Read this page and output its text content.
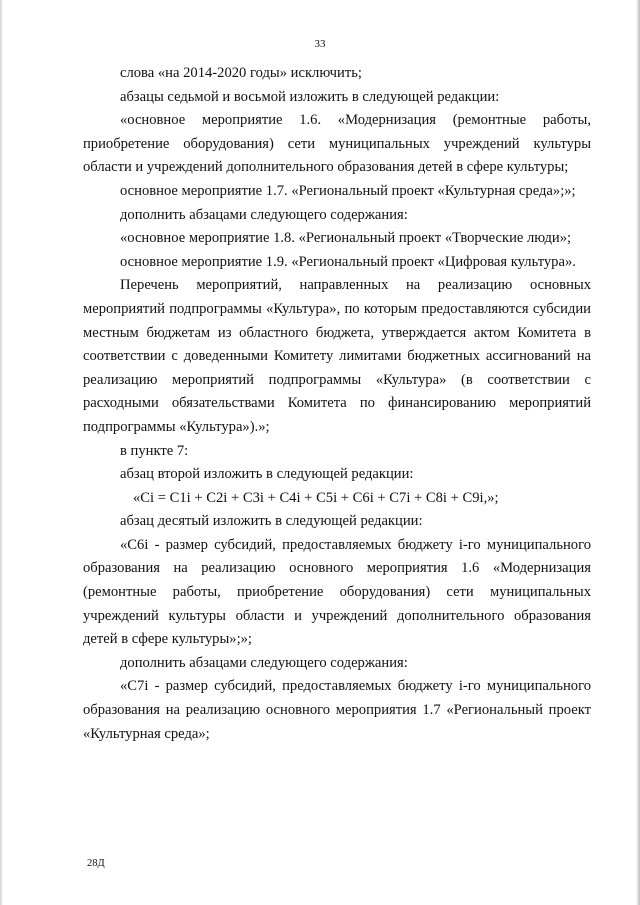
33

слова «на 2014-2020 годы» исключить;

абзацы седьмой и восьмой изложить в следующей редакции:

«основное мероприятие 1.6. «Модернизация (ремонтные работы, приобретение оборудования) сети муниципальных учреждений культуры области и учреждений дополнительного образования детей в сфере культуры;

основное мероприятие 1.7. «Региональный проект «Культурная среда»;»;

дополнить абзацами следующего содержания:

«основное мероприятие 1.8. «Региональный проект «Творческие люди»;

основное мероприятие 1.9. «Региональный проект «Цифровая культура».

Перечень мероприятий, направленных на реализацию основных мероприятий подпрограммы «Культура», по которым предоставляются субсидии местным бюджетам из областного бюджета, утверждается актом Комитета в соответствии с доведенными Комитету лимитами бюджетных ассигнований на реализацию мероприятий подпрограммы «Культура» (в соответствии с расходными обязательствами Комитета по финансированию мероприятий подпрограммы «Культура»).»;

в пункте 7:

абзац второй изложить в следующей редакции:

«Ci = C1i + C2i + C3i + C4i + C5i + C6i + C7i + C8i + C9i,»;

абзац десятый изложить в следующей редакции:

«C6i - размер субсидий, предоставляемых бюджету i-го муниципального образования на реализацию основного мероприятия 1.6 «Модернизация (ремонтные работы, приобретение оборудования) сети муниципальных учреждений культуры области и учреждений дополнительного образования детей в сфере культуры»;»;

дополнить абзацами следующего содержания:

«C7i - размер субсидий, предоставляемых бюджету i-го муниципального образования на реализацию основного мероприятия 1.7 «Региональный проект «Культурная среда»;

28Д
